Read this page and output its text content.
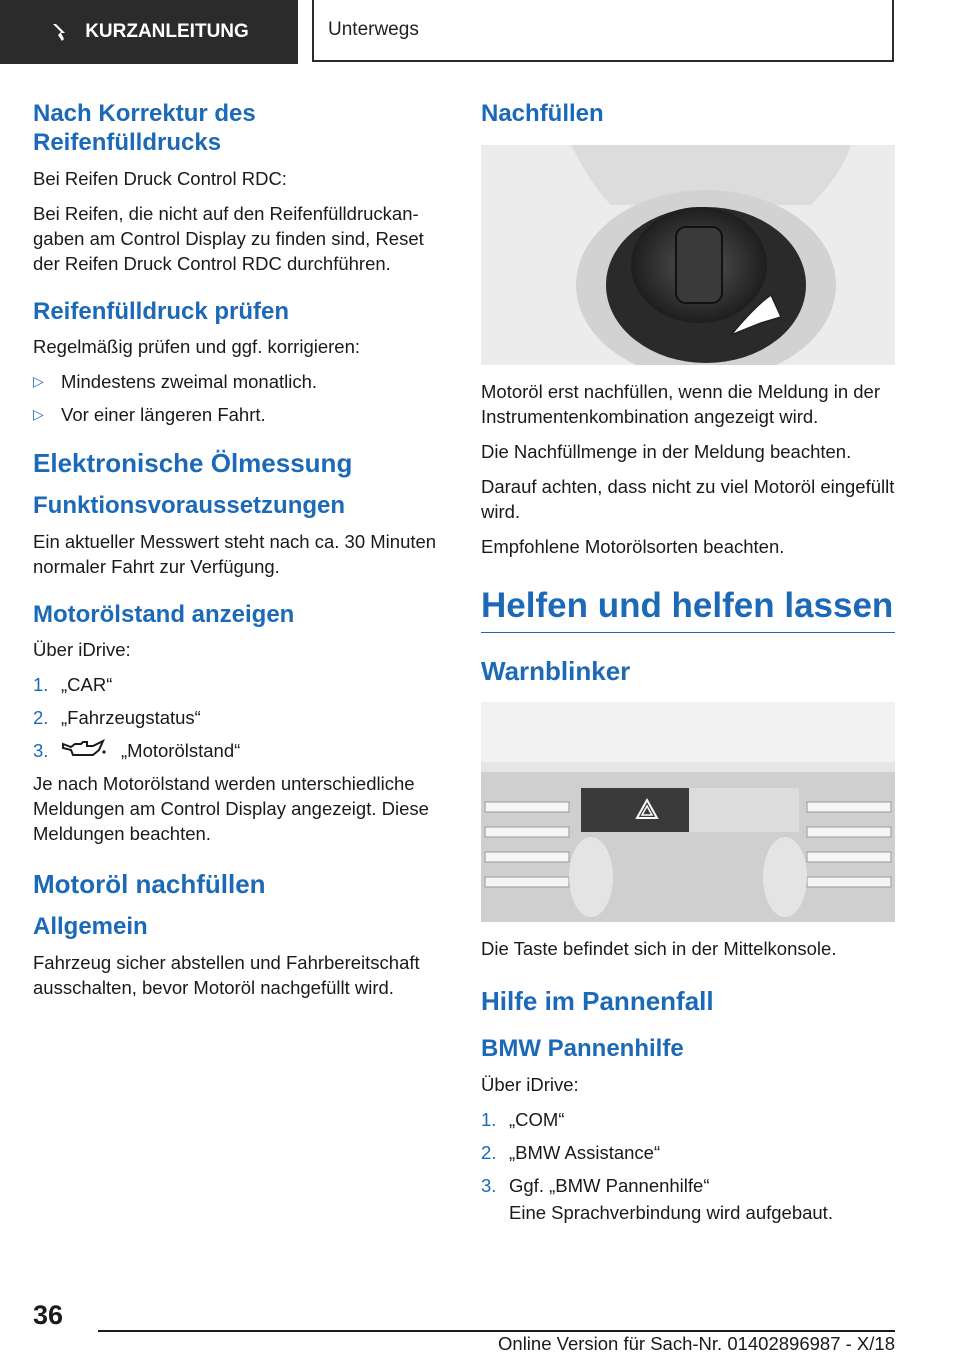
KURZANLEITUNG	Unterwegs
Nach Korrektur des Reifenfülldrucks

Bei Reifen Druck Control RDC:

Bei Reifen, die nicht auf den Reifenfülldruckangaben am Control Display zu finden sind, Reset der Reifen Druck Control RDC durchführen.

Reifenfülldruck prüfen

Regelmäßig prüfen und ggf. korrigieren:

▷ Mindestens zweimal monatlich.
▷ Vor einer längeren Fahrt.
Elektronische Ölmessung
Funktionsvoraussetzungen

Ein aktueller Messwert steht nach ca. 30 Minuten normaler Fahrt zur Verfügung.

Motorölstand anzeigen

Über iDrive:

1. „CAR“
2. „Fahrzeugstatus“
3.	„Motorölstand“

Je nach Motorölstand werden unterschiedliche Meldungen am Control Display angezeigt. Diese Meldungen beachten.

Motoröl nachfüllen
Allgemein

Fahrzeug sicher abstellen und Fahrbereitschaft ausschalten, bevor Motoröl nachgefüllt wird.

Nachfüllen

Motoröl erst nachfüllen, wenn die Meldung in der Instrumentenkombination angezeigt wird.

Die Nachfüllmenge in der Meldung beachten.

Darauf achten, dass nicht zu viel Motoröl eingefüllt wird.

Empfohlene Motorölsorten beachten.

Helfen und helfen lassen
Warnblinker

Die Taste befindet sich in der Mittelkonsole.

Hilfe im Pannenfall
BMW Pannenhilfe

Über iDrive:

1. „COM“
2. „BMW Assistance“
3. Ggf. „BMW Pannenhilfe“
Eine Sprachverbindung wird aufgebaut.
36
Online Version für Sach-Nr. 01402896987 - X/18
